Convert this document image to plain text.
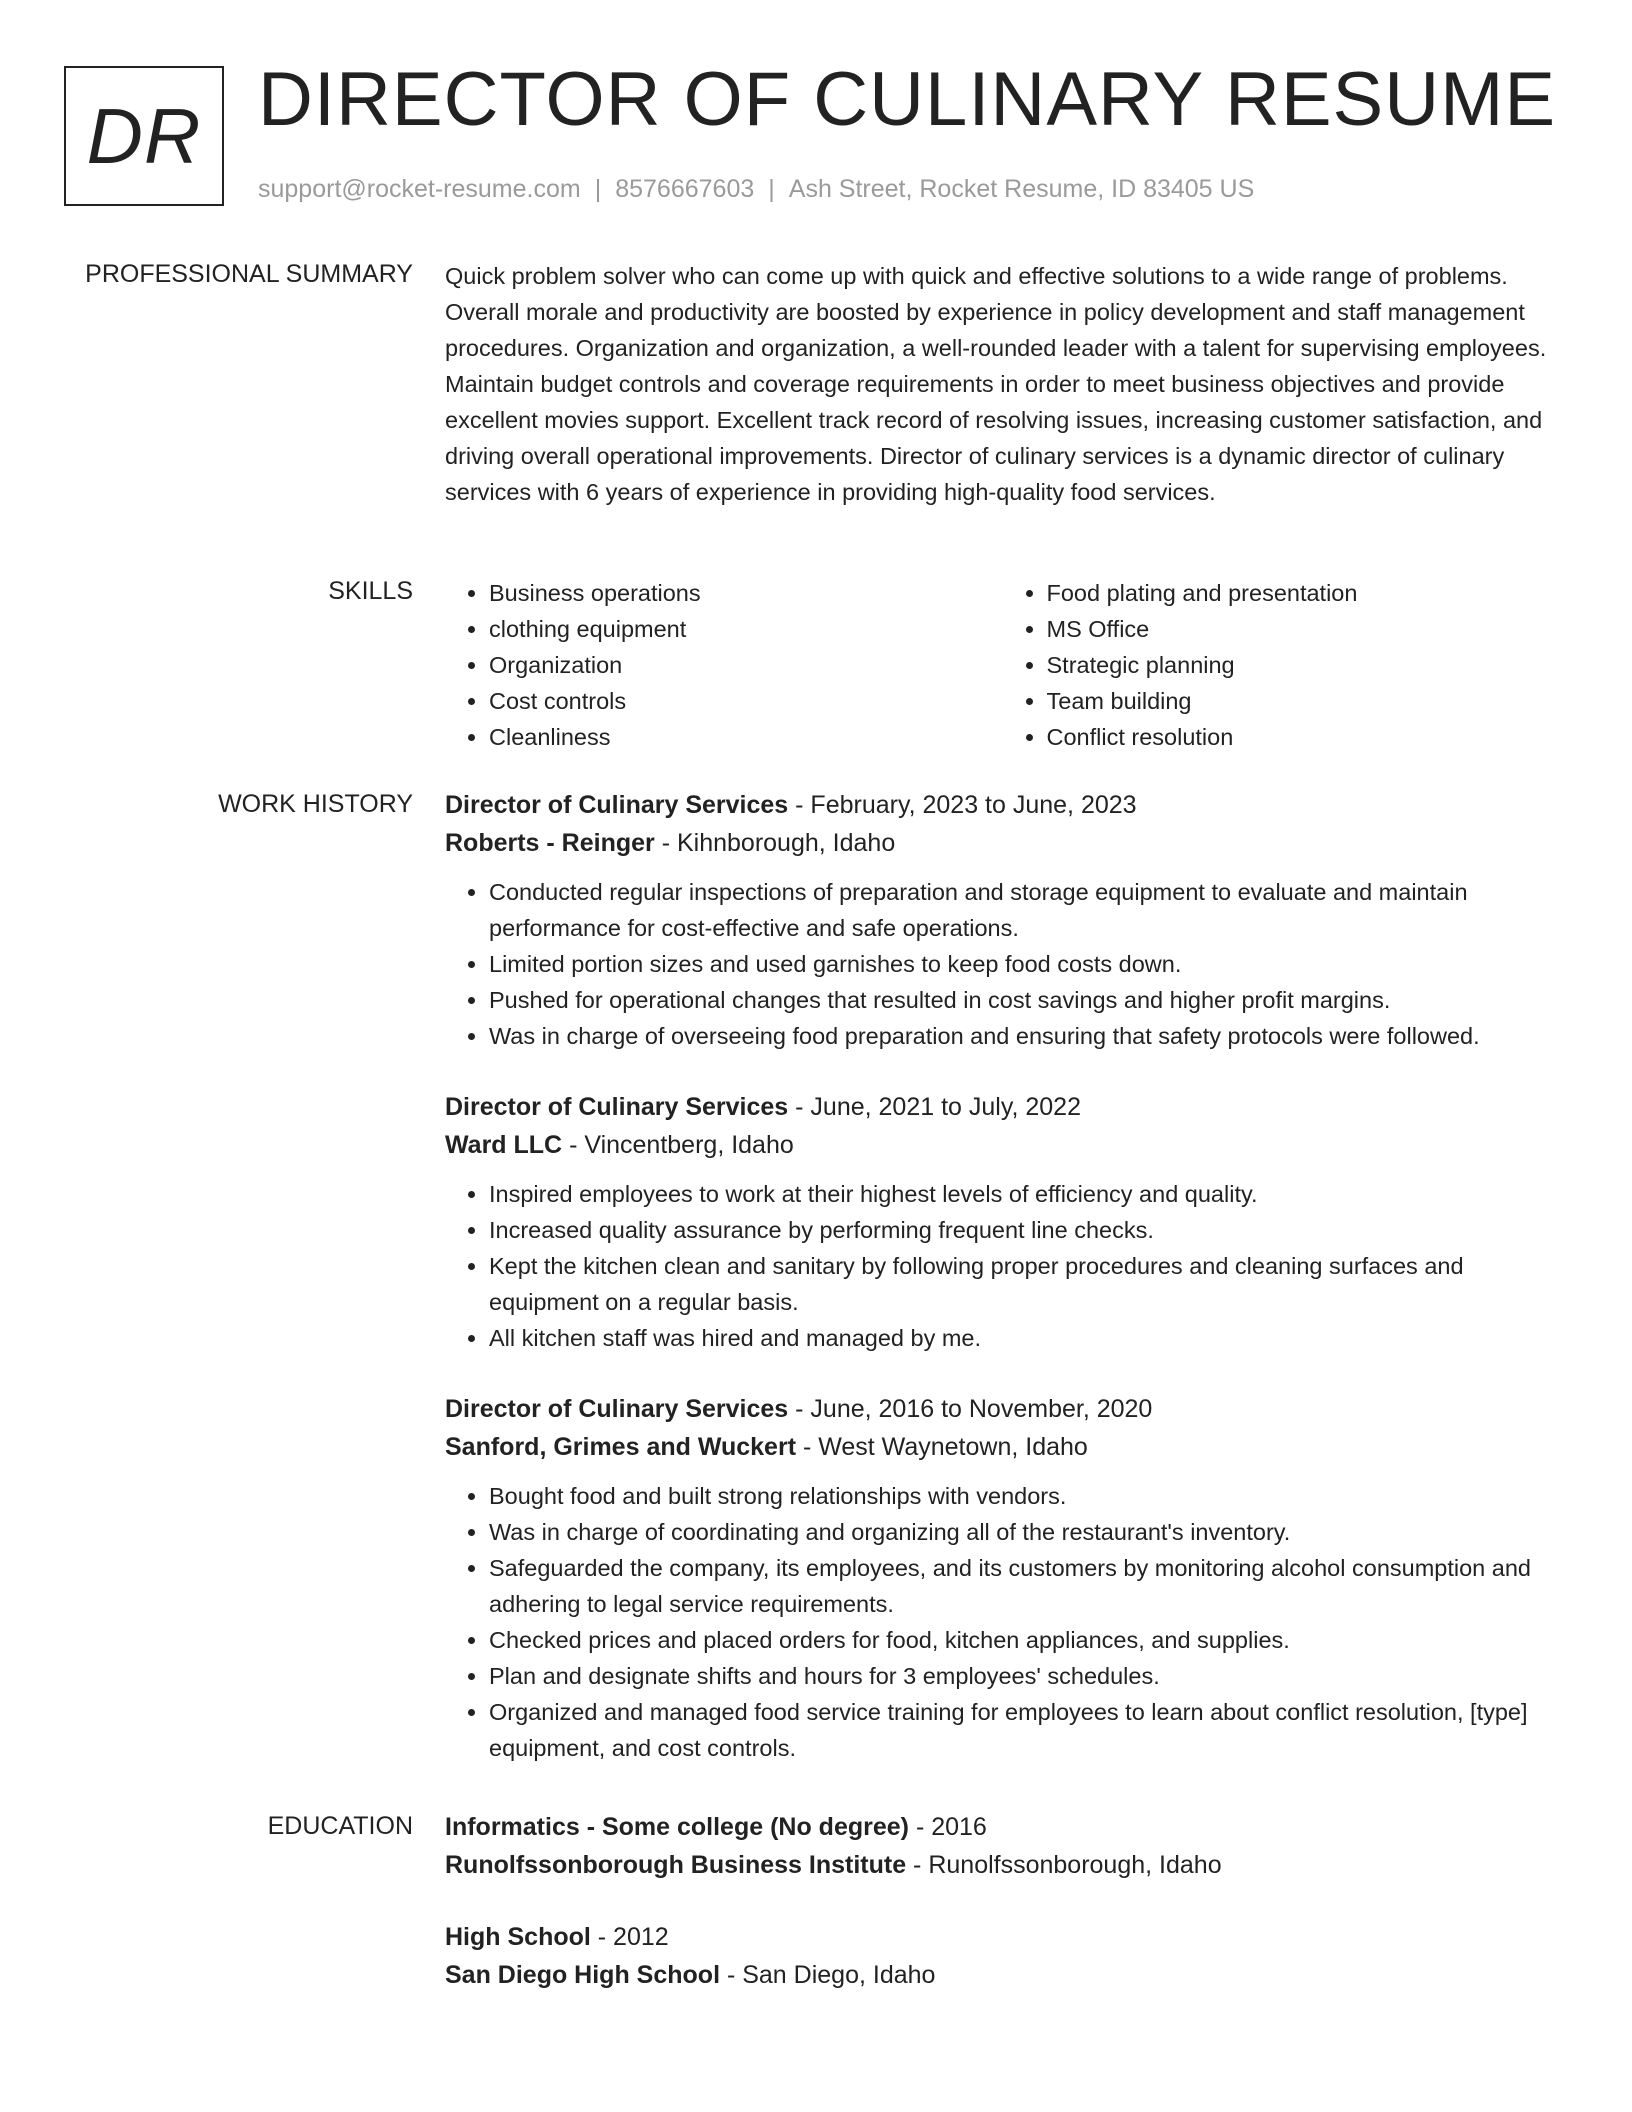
DR DIRECTOR OF CULINARY RESUME
support@rocket-resume.com | 8576667603 | Ash Street, Rocket Resume, ID 83405 US
PROFESSIONAL SUMMARY Quick problem solver who can come up with quick and effective solutions to a wide range of problems. Overall morale and productivity are boosted by experience in policy development and staff management procedures. Organization and organization, a well-rounded leader with a talent for supervising employees. Maintain budget controls and coverage requirements in order to meet business objectives and provide excellent movies support. Excellent track record of resolving issues, increasing customer satisfaction, and driving overall operational improvements. Director of culinary services is a dynamic director of culinary services with 6 years of experience in providing high-quality food services.

SKILLS
•	Business operations
• clothing equipment
• Organization
• Cost controls
• Cleanliness
• Food plating and presentation
• MS Office
• Strategic planning
• Team building
• Conflict resolution
WORK HISTORY Director of Culinary Services - February, 2023 to June, 2023
Roberts - Reinger - Kihnborough, Idaho
• Conducted regular inspections of preparation and storage equipment to evaluate and maintain performance for cost-effective and safe operations.
• Limited portion sizes and used garnishes to keep food costs down.
• Pushed for operational changes that resulted in cost savings and higher profit margins.
• Was in charge of overseeing food preparation and ensuring that safety protocols were followed.
Director of Culinary Services - June, 2021 to July, 2022
Ward LLC - Vincentberg, Idaho
• Inspired employees to work at their highest levels of efficiency and quality.
• Increased quality assurance by performing frequent line checks.
• Kept the kitchen clean and sanitary by following proper procedures and cleaning surfaces and equipment on a regular basis.
• All kitchen staff was hired and managed by me.
Director of Culinary Services - June, 2016 to November, 2020
Sanford, Grimes and Wuckert - West Waynetown, Idaho
• Bought food and built strong relationships with vendors.
• Was in charge of coordinating and organizing all of the restaurant's inventory.
• Safeguarded the company, its employees, and its customers by monitoring alcohol consumption and adhering to legal service requirements.
• Checked prices and placed orders for food, kitchen appliances, and supplies.
• Plan and designate shifts and hours for 3 employees' schedules.
• Organized and managed food service training for employees to learn about conflict resolution, [type] equipment, and cost controls.
EDUCATION Informatics - Some college (No degree) - 2016
Runolfssonborough Business Institute - Runolfssonborough, Idaho
High School - 2012
San Diego High School - San Diego, Idaho
